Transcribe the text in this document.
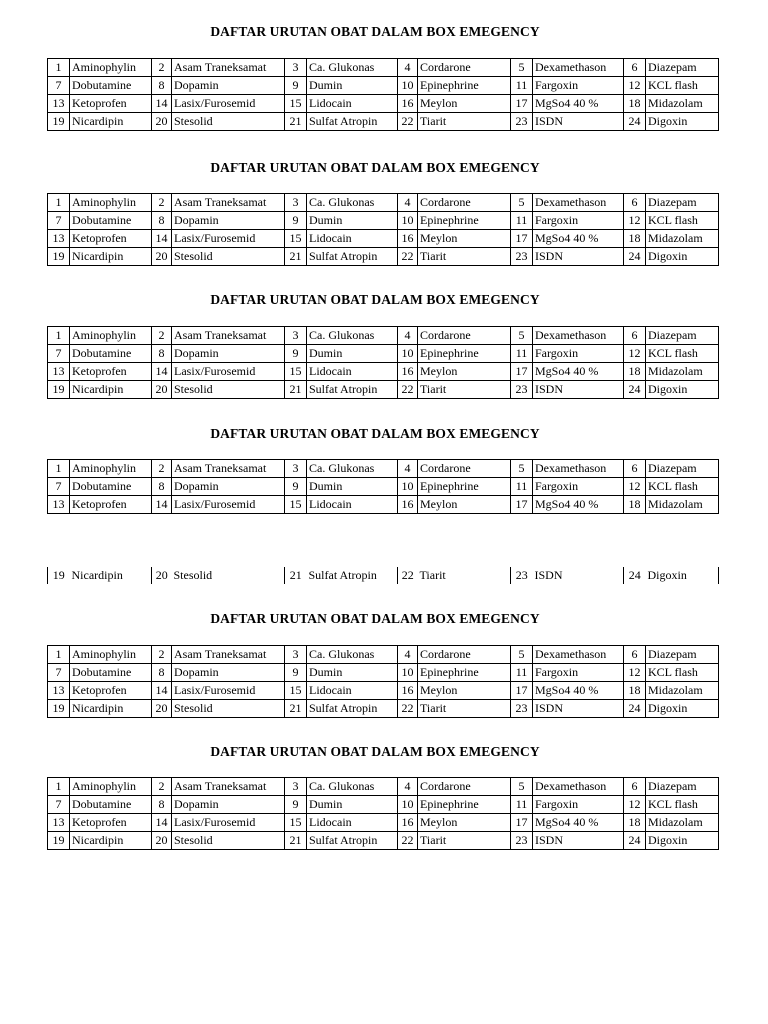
DAFTAR URUTAN OBAT DALAM BOX EMEGENCY
1	Aminophylin	2	Asam Traneksamat	3	Ca. Glukonas	4	Cordarone	5	Dexamethason	6	Diazepam
7	Dobutamine	8	Dopamin	9	Dumin	10	Epinephrine	11	Fargoxin	12	KCL flash
13	Ketoprofen	14	Lasix/Furosemid	15	Lidocain	16	Meylon	17	MgSo4 40 %	18	Midazolam
19	Nicardipin	20	Stesolid	21	Sulfat Atropin	22	Tiarit	23	ISDN	24	Digoxin
DAFTAR URUTAN OBAT DALAM BOX EMEGENCY
1	Aminophylin	2	Asam Traneksamat	3	Ca. Glukonas	4	Cordarone	5	Dexamethason	6	Diazepam
7	Dobutamine	8	Dopamin	9	Dumin	10	Epinephrine	11	Fargoxin	12	KCL flash
13	Ketoprofen	14	Lasix/Furosemid	15	Lidocain	16	Meylon	17	MgSo4 40 %	18	Midazolam
19	Nicardipin	20	Stesolid	21	Sulfat Atropin	22	Tiarit	23	ISDN	24	Digoxin
DAFTAR URUTAN OBAT DALAM BOX EMEGENCY
1	Aminophylin	2	Asam Traneksamat	3	Ca. Glukonas	4	Cordarone	5	Dexamethason	6	Diazepam
7	Dobutamine	8	Dopamin	9	Dumin	10	Epinephrine	11	Fargoxin	12	KCL flash
13	Ketoprofen	14	Lasix/Furosemid	15	Lidocain	16	Meylon	17	MgSo4 40 %	18	Midazolam
19	Nicardipin	20	Stesolid	21	Sulfat Atropin	22	Tiarit	23	ISDN	24	Digoxin
DAFTAR URUTAN OBAT DALAM BOX EMEGENCY
1	Aminophylin	2	Asam Traneksamat	3	Ca. Glukonas	4	Cordarone	5	Dexamethason	6	Diazepam
7	Dobutamine	8	Dopamin	9	Dumin	10	Epinephrine	11	Fargoxin	12	KCL flash
13	Ketoprofen	14	Lasix/Furosemid	15	Lidocain	16	Meylon	17	MgSo4 40 %	18	Midazolam
19	Nicardipin	20	Stesolid	21	Sulfat Atropin	22	Tiarit	23	ISDN	24	Digoxin
DAFTAR URUTAN OBAT DALAM BOX EMEGENCY
1	Aminophylin	2	Asam Traneksamat	3	Ca. Glukonas	4	Cordarone	5	Dexamethason	6	Diazepam
7	Dobutamine	8	Dopamin	9	Dumin	10	Epinephrine	11	Fargoxin	12	KCL flash
13	Ketoprofen	14	Lasix/Furosemid	15	Lidocain	16	Meylon	17	MgSo4 40 %	18	Midazolam
19	Nicardipin	20	Stesolid	21	Sulfat Atropin	22	Tiarit	23	ISDN	24	Digoxin
DAFTAR URUTAN OBAT DALAM BOX EMEGENCY
1	Aminophylin	2	Asam Traneksamat	3	Ca. Glukonas	4	Cordarone	5	Dexamethason	6	Diazepam
7	Dobutamine	8	Dopamin	9	Dumin	10	Epinephrine	11	Fargoxin	12	KCL flash
13	Ketoprofen	14	Lasix/Furosemid	15	Lidocain	16	Meylon	17	MgSo4 40 %	18	Midazolam
19	Nicardipin	20	Stesolid	21	Sulfat Atropin	22	Tiarit	23	ISDN	24	Digoxin
